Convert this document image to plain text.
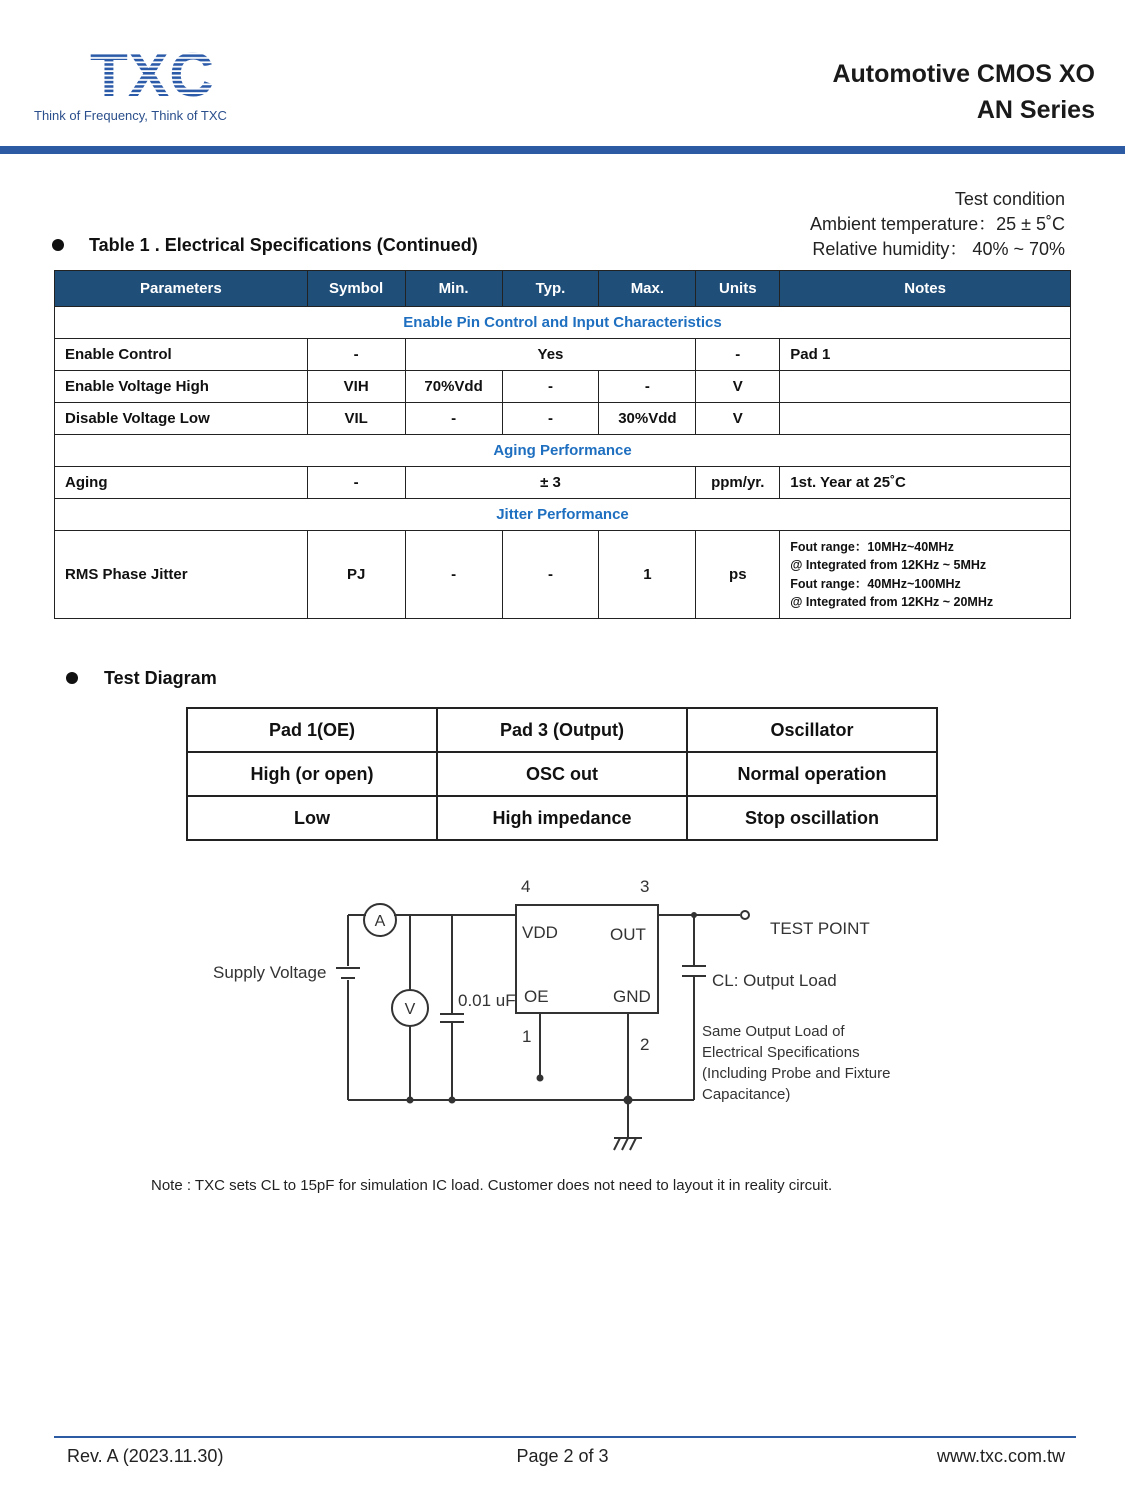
TXC
Think of Frequency, Think of TXC
Automotive CMOS XO
AN Series
Test condition
Ambient temperature：25 ± 5˚C
Relative humidity： 40% ~ 70%
Table 1 . Electrical Specifications (Continued)
Parameters	Symbol	Min.	Typ.	Max.	Units	Notes
Enable Pin Control and Input Characteristics						
Enable Control	-	Yes			-	Pad 1
Enable Voltage High	VIH	70%Vdd	-	-	V	
Disable Voltage Low	VIL	-	-	30%Vdd	V	
Aging Performance						
Aging	-	± 3			ppm/yr.	1st. Year at 25˚C
Jitter Performance						
RMS Phase Jitter	PJ	-	-	1	ps	Fout range：10MHz~40MHz
@ Integrated from 12KHz ~ 5MHz
Fout range：40MHz~100MHz
@ Integrated from 12KHz ~ 20MHz
Test Diagram
Pad 1(OE)	Pad 3 (Output)	Oscillator
High (or open)	OSC out	Normal operation
Low	High impedance	Stop oscillation
4	3
1	2
VDD	OUT
OE	GND
A
V
Supply Voltage
0.01 uF
TEST POINT
CL: Output Load
Same Output Load of
Electrical Specifications
(Including Probe and Fixture
Capacitance)
Note : TXC sets CL to 15pF for simulation IC load. Customer does not need to layout it in reality circuit.
Rev. A (2023.11.30)	Page 2 of 3	www.txc.com.tw
